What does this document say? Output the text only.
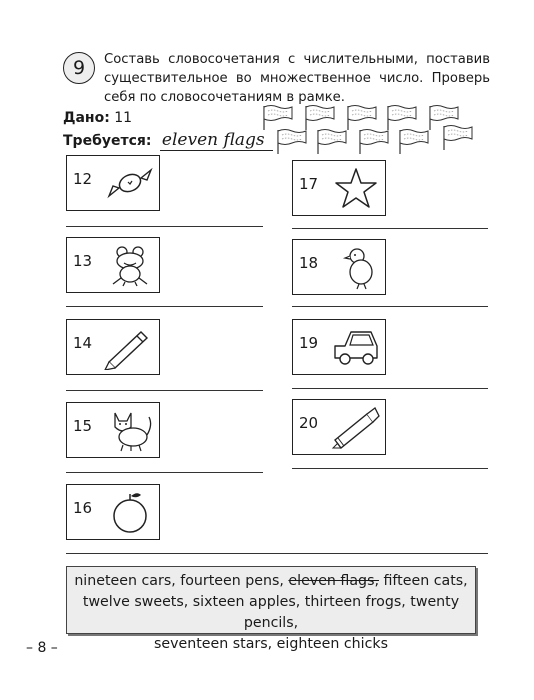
9	Составь словосочетания с числительными, поставив существительное во множественное число. Проверь себя по словосочетаниям в рамке.
Дано: 11
Требуется: eleven flags
12
13
14
15
16
17
18
19
20
nineteen cars, fourteen pens, eleven flags, fifteen cats,
twelve sweets, sixteen apples, thirteen frogs, twenty pencils,
seventeen stars, eighteen chicks
– 8 –
